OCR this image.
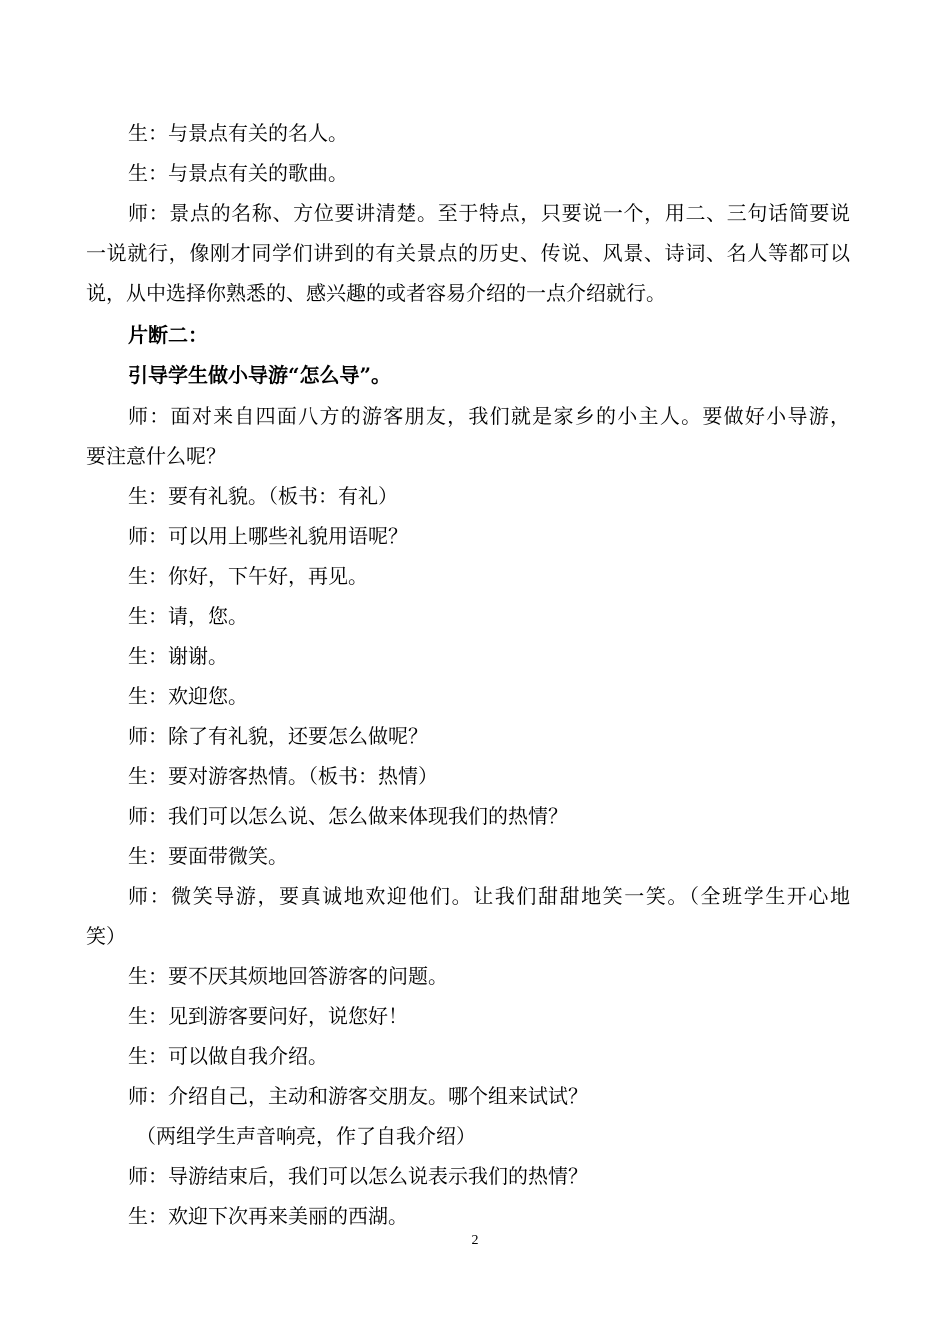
生：与景点有关的名人。
生：与景点有关的歌曲。
师：景点的名称、方位要讲清楚。至于特点，只要说一个，用二、三句话简要说
一说就行，像刚才同学们讲到的有关景点的历史、传说、风景、诗词、名人等都可以
说，从中选择你熟悉的、感兴趣的或者容易介绍的一点介绍就行。
片断二：
引导学生做小导游“怎么导”。
师：面对来自四面八方的游客朋友，我们就是家乡的小主人。要做好小导游，
要注意什么呢？
生：要有礼貌。（板书：有礼）
师：可以用上哪些礼貌用语呢？
生：你好，下午好，再见。
生：请，您。
生：谢谢。
生：欢迎您。
师：除了有礼貌，还要怎么做呢？
生：要对游客热情。（板书：热情）
师：我们可以怎么说、怎么做来体现我们的热情？
生：要面带微笑。
师：微笑导游，要真诚地欢迎他们。让我们甜甜地笑一笑。（全班学生开心地
笑）
生：要不厌其烦地回答游客的问题。
生：见到游客要问好，说您好！
生：可以做自我介绍。
师：介绍自己，主动和游客交朋友。哪个组来试试？
（两组学生声音响亮，作了自我介绍）
师：导游结束后，我们可以怎么说表示我们的热情？
生：欢迎下次再来美丽的西湖。
2
